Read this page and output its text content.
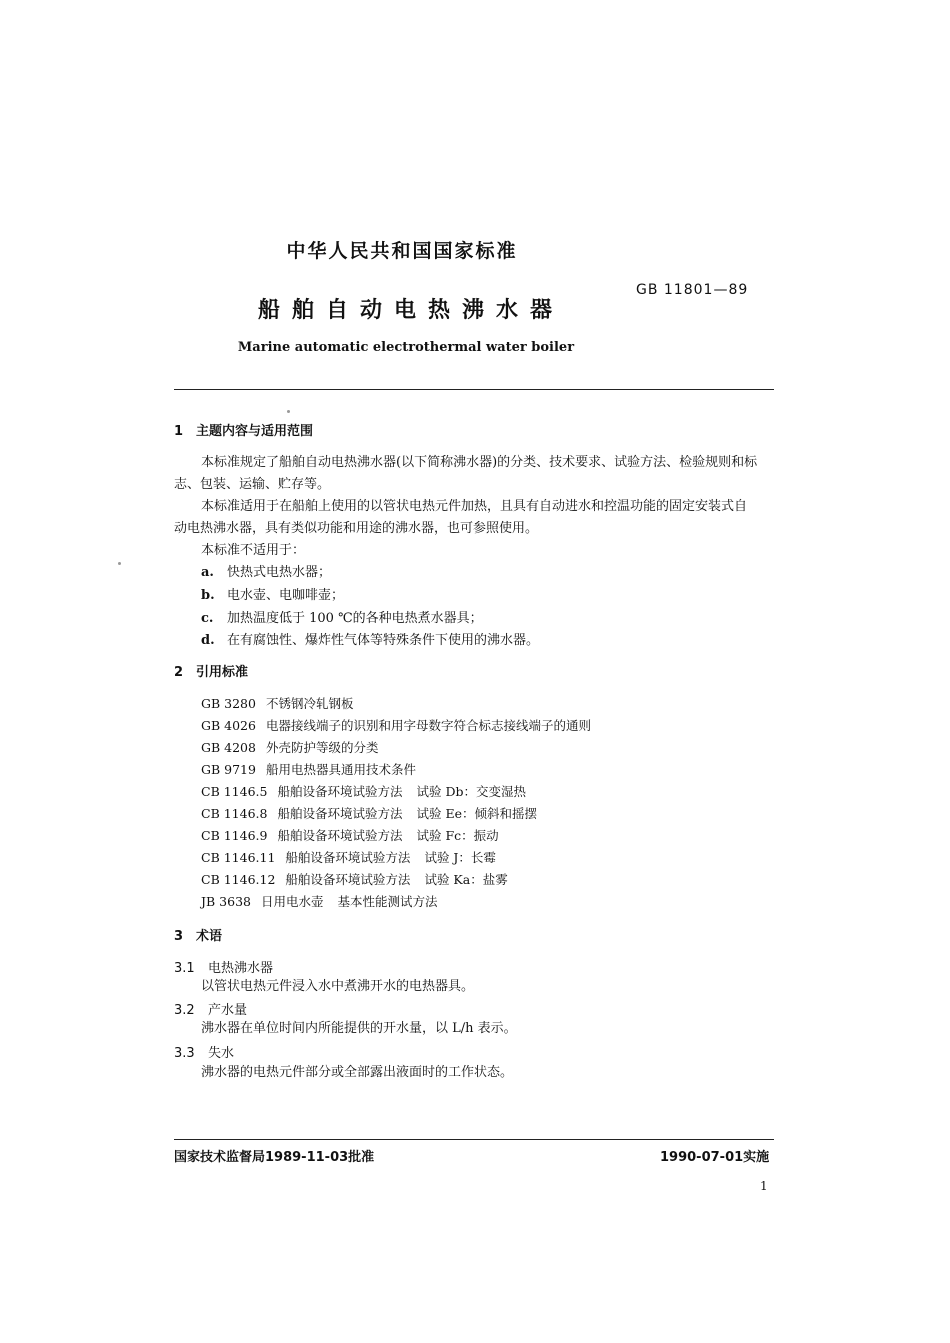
中华人民共和国国家标准
GB 11801—89
船舶自动电热沸水器
Marine automatic electrothermal water boiler
1 主题内容与适用范围
本标准规定了船舶自动电热沸水器(以下简称沸水器)的分类、技术要求、试验方法、检验规则和标
志、包装、运输、贮存等。
本标准适用于在船舶上使用的以管状电热元件加热，且具有自动进水和控温功能的固定安装式自
动电热沸水器，具有类似功能和用途的沸水器，也可参照使用。
本标准不适用于：
a. 快热式电热水器；
b. 电水壶、电咖啡壶；
c. 加热温度低于 100 ℃的各种电热煮水器具；
d. 在有腐蚀性、爆炸性气体等特殊条件下使用的沸水器。
2 引用标准
GB 3280 不锈钢冷轧钢板
GB 4026 电器接线端子的识别和用字母数字符合标志接线端子的通则
GB 4208 外壳防护等级的分类
GB 9719 船用电热器具通用技术条件
CB 1146.5 船舶设备环境试验方法 试验 Db：交变湿热
CB 1146.8 船舶设备环境试验方法 试验 Ee：倾斜和摇摆
CB 1146.9 船舶设备环境试验方法 试验 Fc：振动
CB 1146.11 船舶设备环境试验方法 试验 J：长霉
CB 1146.12 船舶设备环境试验方法 试验 Ka：盐雾
JB 3638 日用电水壶 基本性能测试方法
3 术语
3.1 电热沸水器
以管状电热元件浸入水中煮沸开水的电热器具。
3.2 产水量
沸水器在单位时间内所能提供的开水量，以 L/h 表示。
3.3 失水
沸水器的电热元件部分或全部露出液面时的工作状态。
国家技术监督局1989-11-03批准	1990-07-01实施
1
